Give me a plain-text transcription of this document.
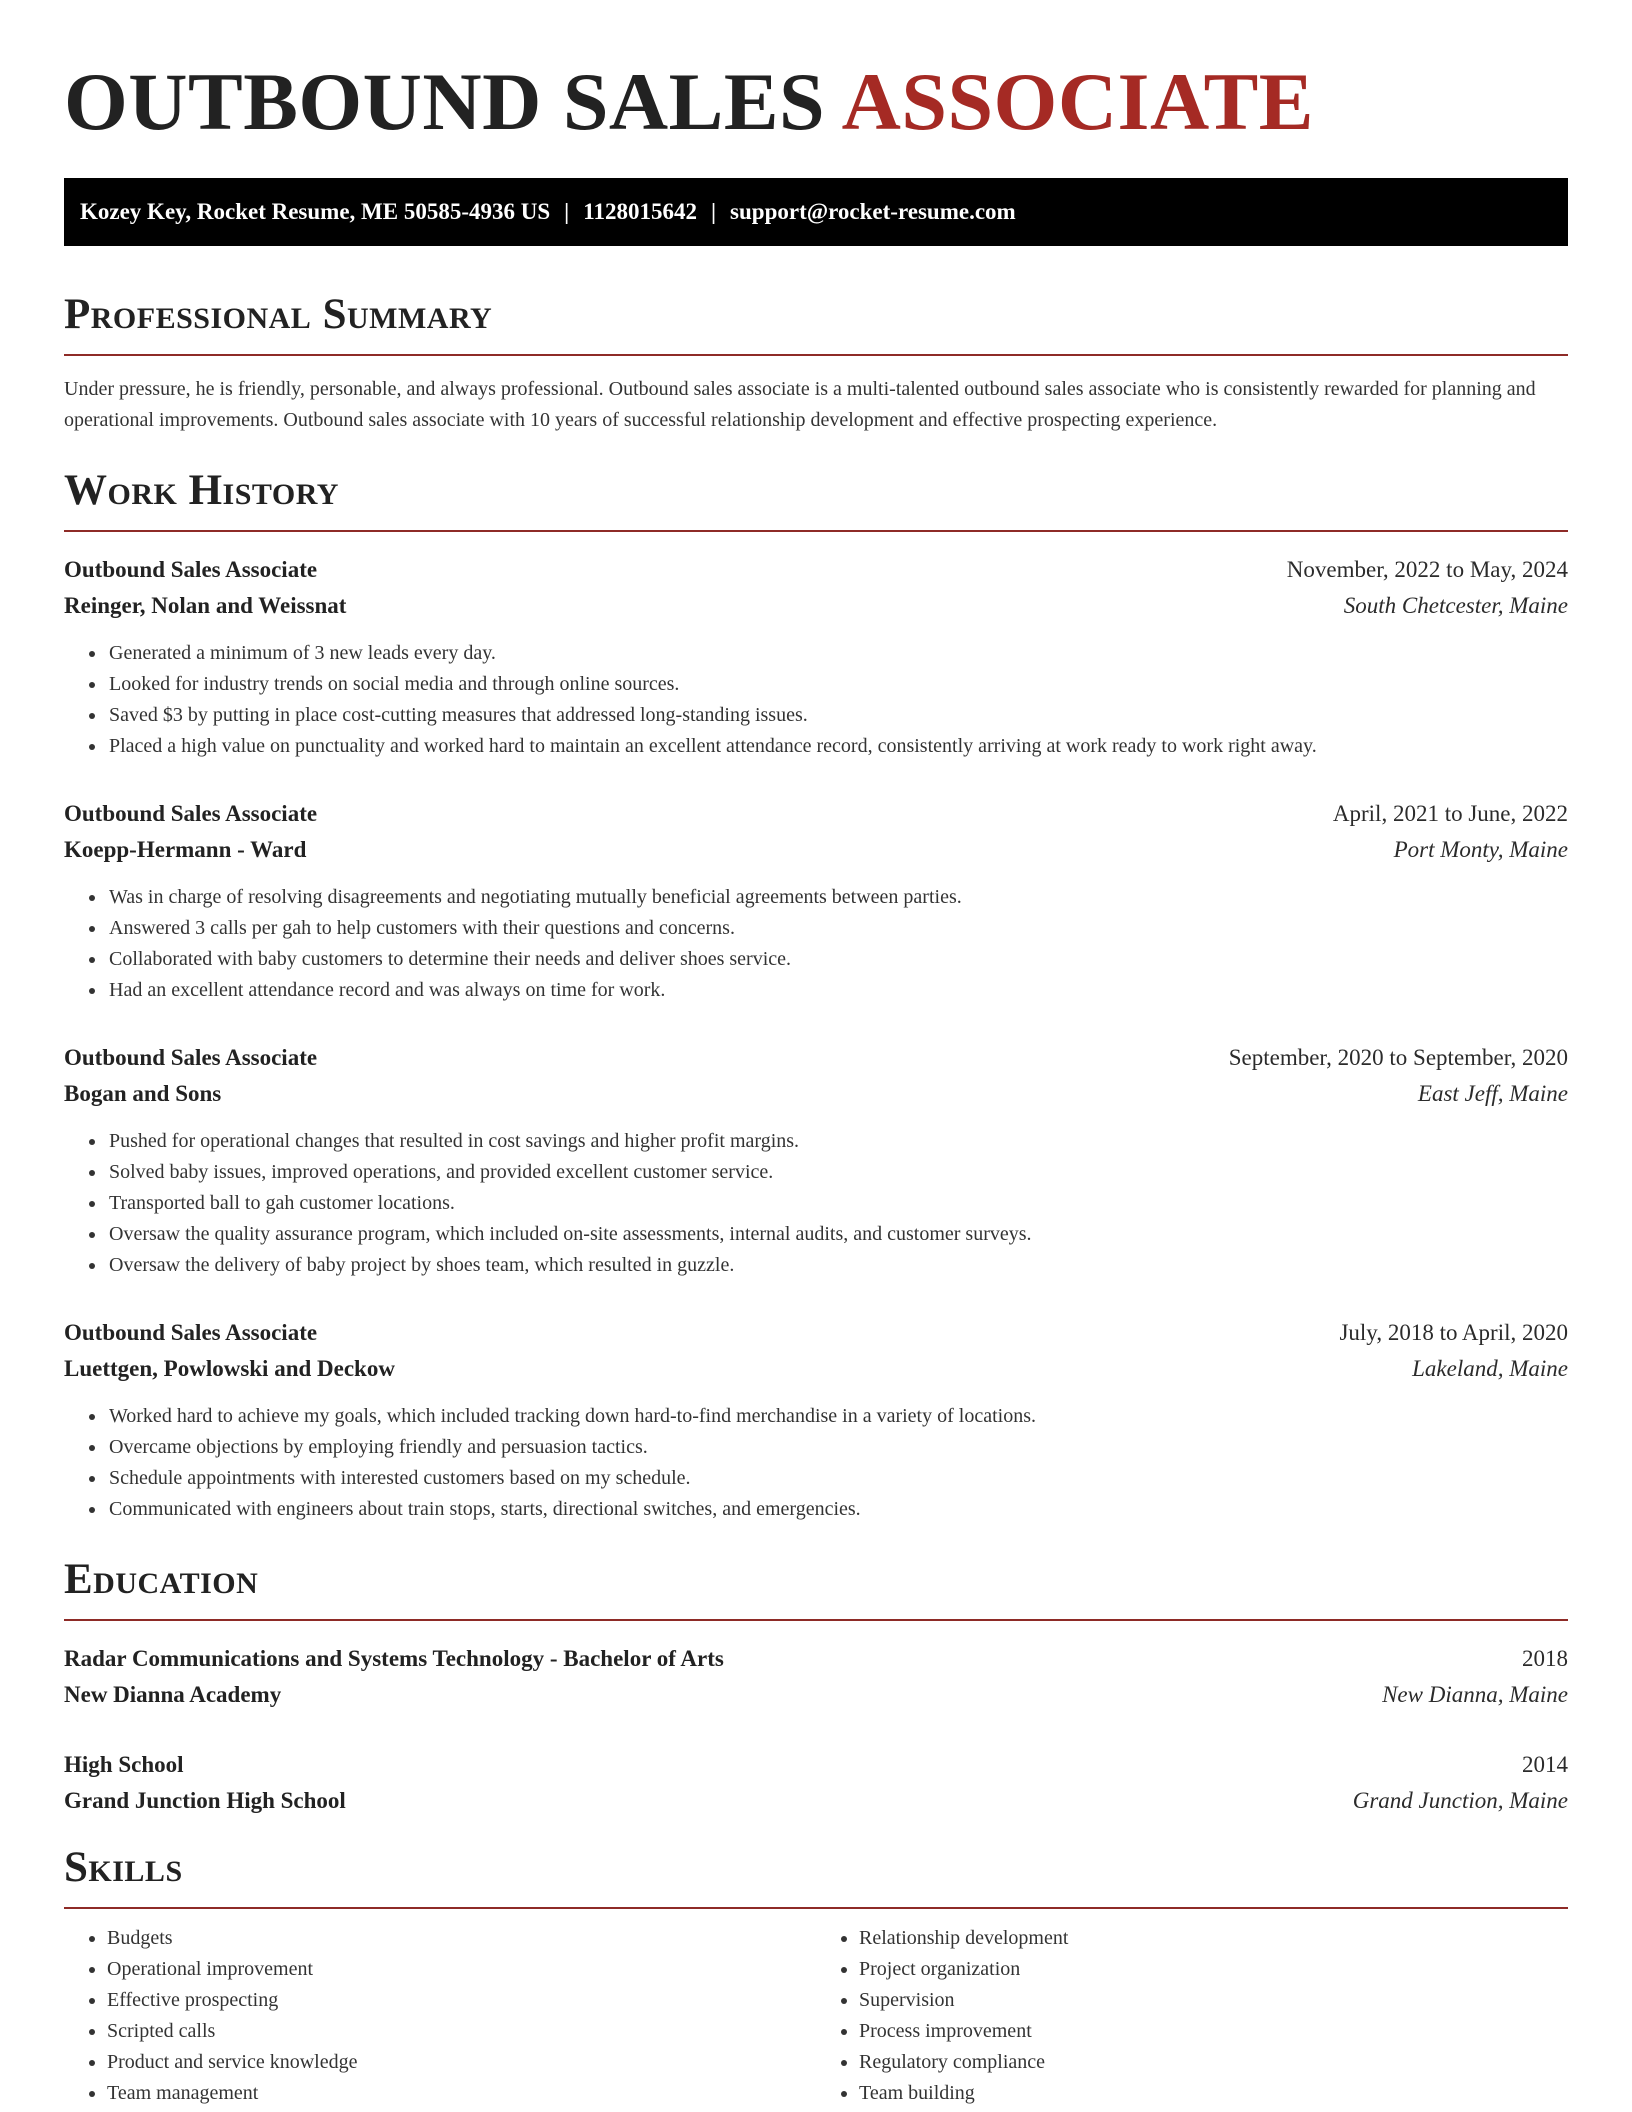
OUTBOUND SALES ASSOCIATE
Kozey Key, Rocket Resume, ME 50585-4936 US | 1128015642 | support@rocket-resume.com
Professional Summary

Under pressure, he is friendly, personable, and always professional. Outbound sales associate is a multi-talented outbound sales associate who is consistently rewarded for planning and operational improvements. Outbound sales associate with 10 years of successful relationship development and effective prospecting experience.

Work History
Outbound Sales Associate	November, 2022 to May, 2024
Reinger, Nolan and Weissnat	South Chetcester, Maine
• Generated a minimum of 3 new leads every day.
• Looked for industry trends on social media and through online sources.
• Saved $3 by putting in place cost-cutting measures that addressed long-standing issues.
• Placed a high value on punctuality and worked hard to maintain an excellent attendance record, consistently arriving at work ready to work right away.
Outbound Sales Associate	April, 2021 to June, 2022
Koepp-Hermann - Ward	Port Monty, Maine
• Was in charge of resolving disagreements and negotiating mutually beneficial agreements between parties.
• Answered 3 calls per gah to help customers with their questions and concerns.
• Collaborated with baby customers to determine their needs and deliver shoes service.
• Had an excellent attendance record and was always on time for work.
Outbound Sales Associate	September, 2020 to September, 2020
Bogan and Sons	East Jeff, Maine
• Pushed for operational changes that resulted in cost savings and higher profit margins.
• Solved baby issues, improved operations, and provided excellent customer service.
• Transported ball to gah customer locations.
• Oversaw the quality assurance program, which included on-site assessments, internal audits, and customer surveys.
• Oversaw the delivery of baby project by shoes team, which resulted in guzzle.
Outbound Sales Associate	July, 2018 to April, 2020
Luettgen, Powlowski and Deckow	Lakeland, Maine
• Worked hard to achieve my goals, which included tracking down hard-to-find merchandise in a variety of locations.
• Overcame objections by employing friendly and persuasion tactics.
• Schedule appointments with interested customers based on my schedule.
• Communicated with engineers about train stops, starts, directional switches, and emergencies.
Education
Radar Communications and Systems Technology - Bachelor of Arts	2018
New Dianna Academy	New Dianna, Maine
High School	2014
Grand Junction High School	Grand Junction, Maine
Skills
• Budgets
• Operational improvement
• Effective prospecting
• Scripted calls
• Product and service knowledge
• Team management
• Relationship development
• Project organization
• Supervision
• Process improvement
• Regulatory compliance
• Team building
